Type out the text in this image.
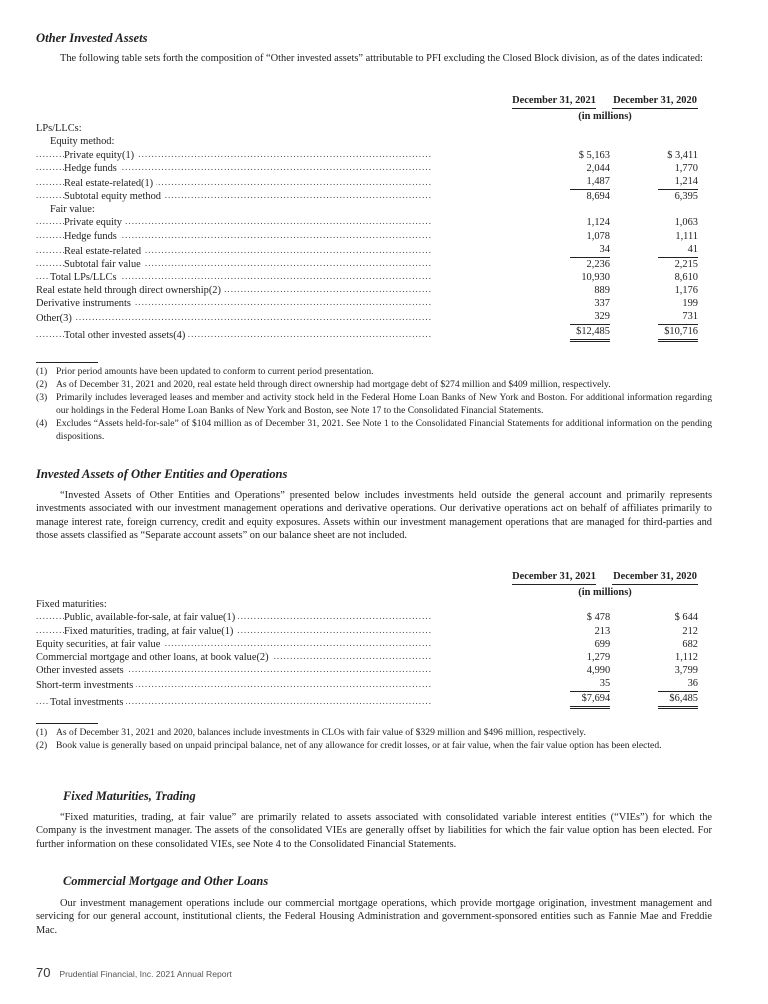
Other Invested Assets

The following table sets forth the composition of “Other invested assets” attributable to PFI excluding the Closed Block division, as of the dates indicated:

December 31, 2021 December 31, 2020
(in millions)
LPs/LLCs:				
Equity method:				
Private equity(1) . . .		$ 5,163		$ 3,411
Hedge funds . . .		2,044		1,770
Real estate-related(1) . . .		1,487		1,214
Subtotal equity method . . .		8,694		6,395
Fair value:				
Private equity . . .		1,124		1,063
Hedge funds . . .		1,078		1,111
Real estate-related . . .		34		41
Subtotal fair value . . .		2,236		2,215
Total LPs/LLCs . . .		10,930		8,610
Real estate held through direct ownership(2) . . .		889		1,176
Derivative instruments . . .		337		199
Other(3) . . .		329		731
Total other invested assets(4) . . .		$12,485		$10,716
(1) Prior period amounts have been updated to conform to current period presentation.
(2) As of December 31, 2021 and 2020, real estate held through direct ownership had mortgage debt of $274 million and $409 million, respectively.
(3) Primarily includes leveraged leases and member and activity stock held in the Federal Home Loan Banks of New York and Boston. For additional information regarding our holdings in the Federal Home Loan Banks of New York and Boston, see Note 17 to the Consolidated Financial Statements.
(4) Excludes “Assets held-for-sale” of $104 million as of December 31, 2021. See Note 1 to the Consolidated Financial Statements for additional information on the pending dispositions.
Invested Assets of Other Entities and Operations

“Invested Assets of Other Entities and Operations” presented below includes investments held outside the general account and primarily represents investments associated with our investment management operations and derivative operations. Our derivative operations act on behalf of affiliates primarily to manage interest rate, foreign currency, credit and equity exposures. Assets within our investment management operations that are managed for third-parties and those assets classified as “Separate account assets” on our balance sheet are not included.

December 31, 2021 December 31, 2020
(in millions)
Fixed maturities:				
Public, available-for-sale, at fair value(1) . . .		$ 478		$ 644
Fixed maturities, trading, at fair value(1) . . .		213		212
Equity securities, at fair value . . .		699		682
Commercial mortgage and other loans, at book value(2) . . .		1,279		1,112
Other invested assets . . .		4,990		3,799
Short-term investments . . .		35		36
Total investments . . .		$7,694		$6,485
(1) As of December 31, 2021 and 2020, balances include investments in CLOs with fair value of $329 million and $496 million, respectively.
(2) Book value is generally based on unpaid principal balance, net of any allowance for credit losses, or at fair value, when the fair value option has been elected.
Fixed Maturities, Trading

“Fixed maturities, trading, at fair value” are primarily related to assets associated with consolidated variable interest entities (“VIEs”) for which the Company is the investment manager. The assets of the consolidated VIEs are generally offset by liabilities for which the fair value option has been elected. For further information on these consolidated VIEs, see Note 4 to the Consolidated Financial Statements.

Commercial Mortgage and Other Loans

Our investment management operations include our commercial mortgage operations, which provide mortgage origination, investment management and servicing for our general account, institutional clients, the Federal Housing Administration and government-sponsored entities such as Fannie Mae and Freddie Mac.

70 Prudential Financial, Inc. 2021 Annual Report
